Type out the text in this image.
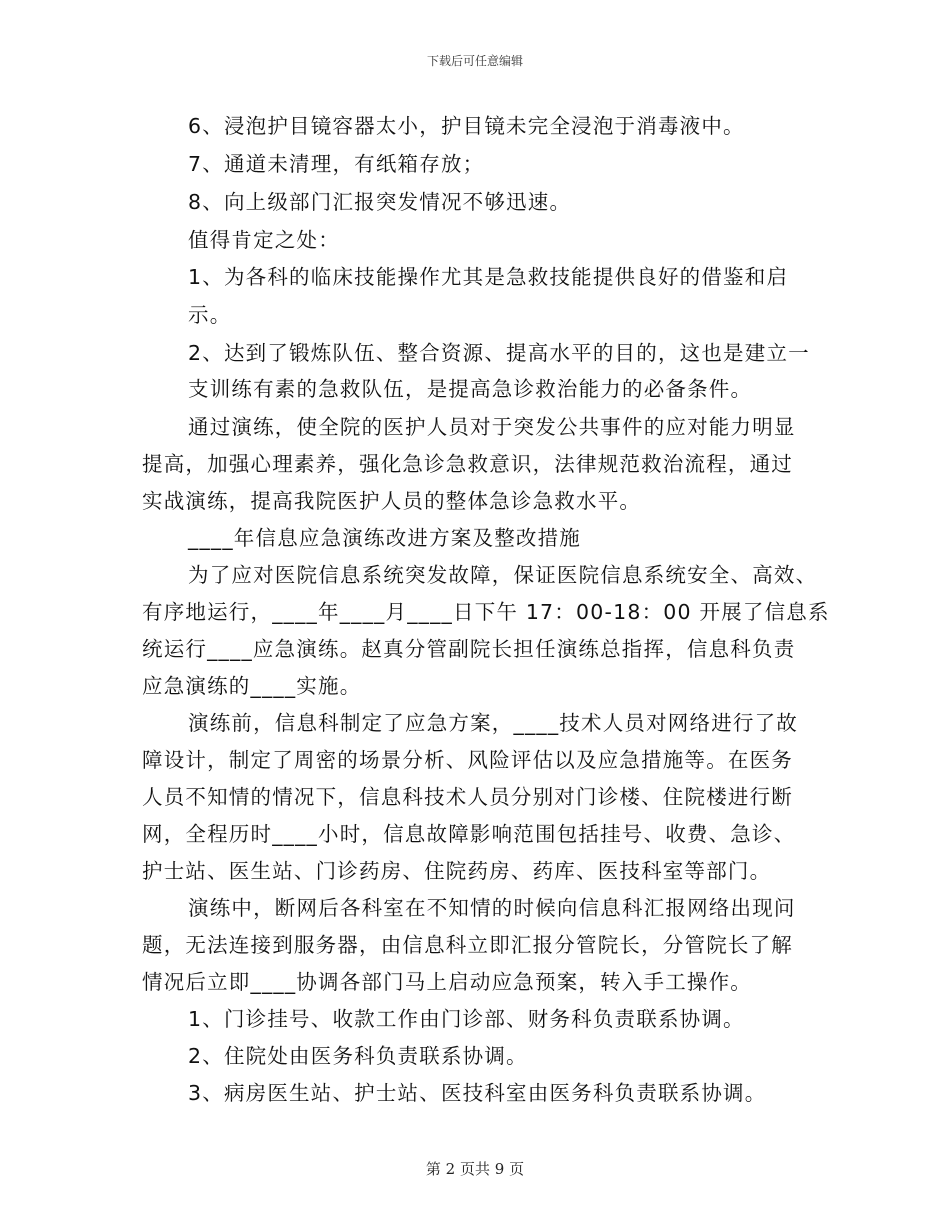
下载后可任意编辑
6、浸泡护目镜容器太小，护目镜未完全浸泡于消毒液中。
7、通道未清理，有纸箱存放；
8、向上级部门汇报突发情况不够迅速。
值得肯定之处：
1、为各科的临床技能操作尤其是急救技能提供良好的借鉴和启
示。
2、达到了锻炼队伍、整合资源、提高水平的目的，这也是建立一
支训练有素的急救队伍，是提高急诊救治能力的必备条件。
通过演练，使全院的医护人员对于突发公共事件的应对能力明显
提高，加强心理素养，强化急诊急救意识，法律规范救治流程，通过
实战演练，提高我院医护人员的整体急诊急救水平。
____年信息应急演练改进方案及整改措施
为了应对医院信息系统突发故障，保证医院信息系统安全、高效、
有序地运行，____年____月____日下午 17：00-18：00 开展了信息系
统运行____应急演练。赵真分管副院长担任演练总指挥，信息科负责
应急演练的____实施。
演练前，信息科制定了应急方案，____技术人员对网络进行了故
障设计，制定了周密的场景分析、风险评估以及应急措施等。在医务
人员不知情的情况下，信息科技术人员分别对门诊楼、住院楼进行断
网，全程历时____小时，信息故障影响范围包括挂号、收费、急诊、
护士站、医生站、门诊药房、住院药房、药库、医技科室等部门。
演练中，断网后各科室在不知情的时候向信息科汇报网络出现问
题，无法连接到服务器，由信息科立即汇报分管院长，分管院长了解
情况后立即____协调各部门马上启动应急预案，转入手工操作。
1、门诊挂号、收款工作由门诊部、财务科负责联系协调。
2、住院处由医务科负责联系协调。
3、病房医生站、护士站、医技科室由医务科负责联系协调。
第 2 页共 9 页
